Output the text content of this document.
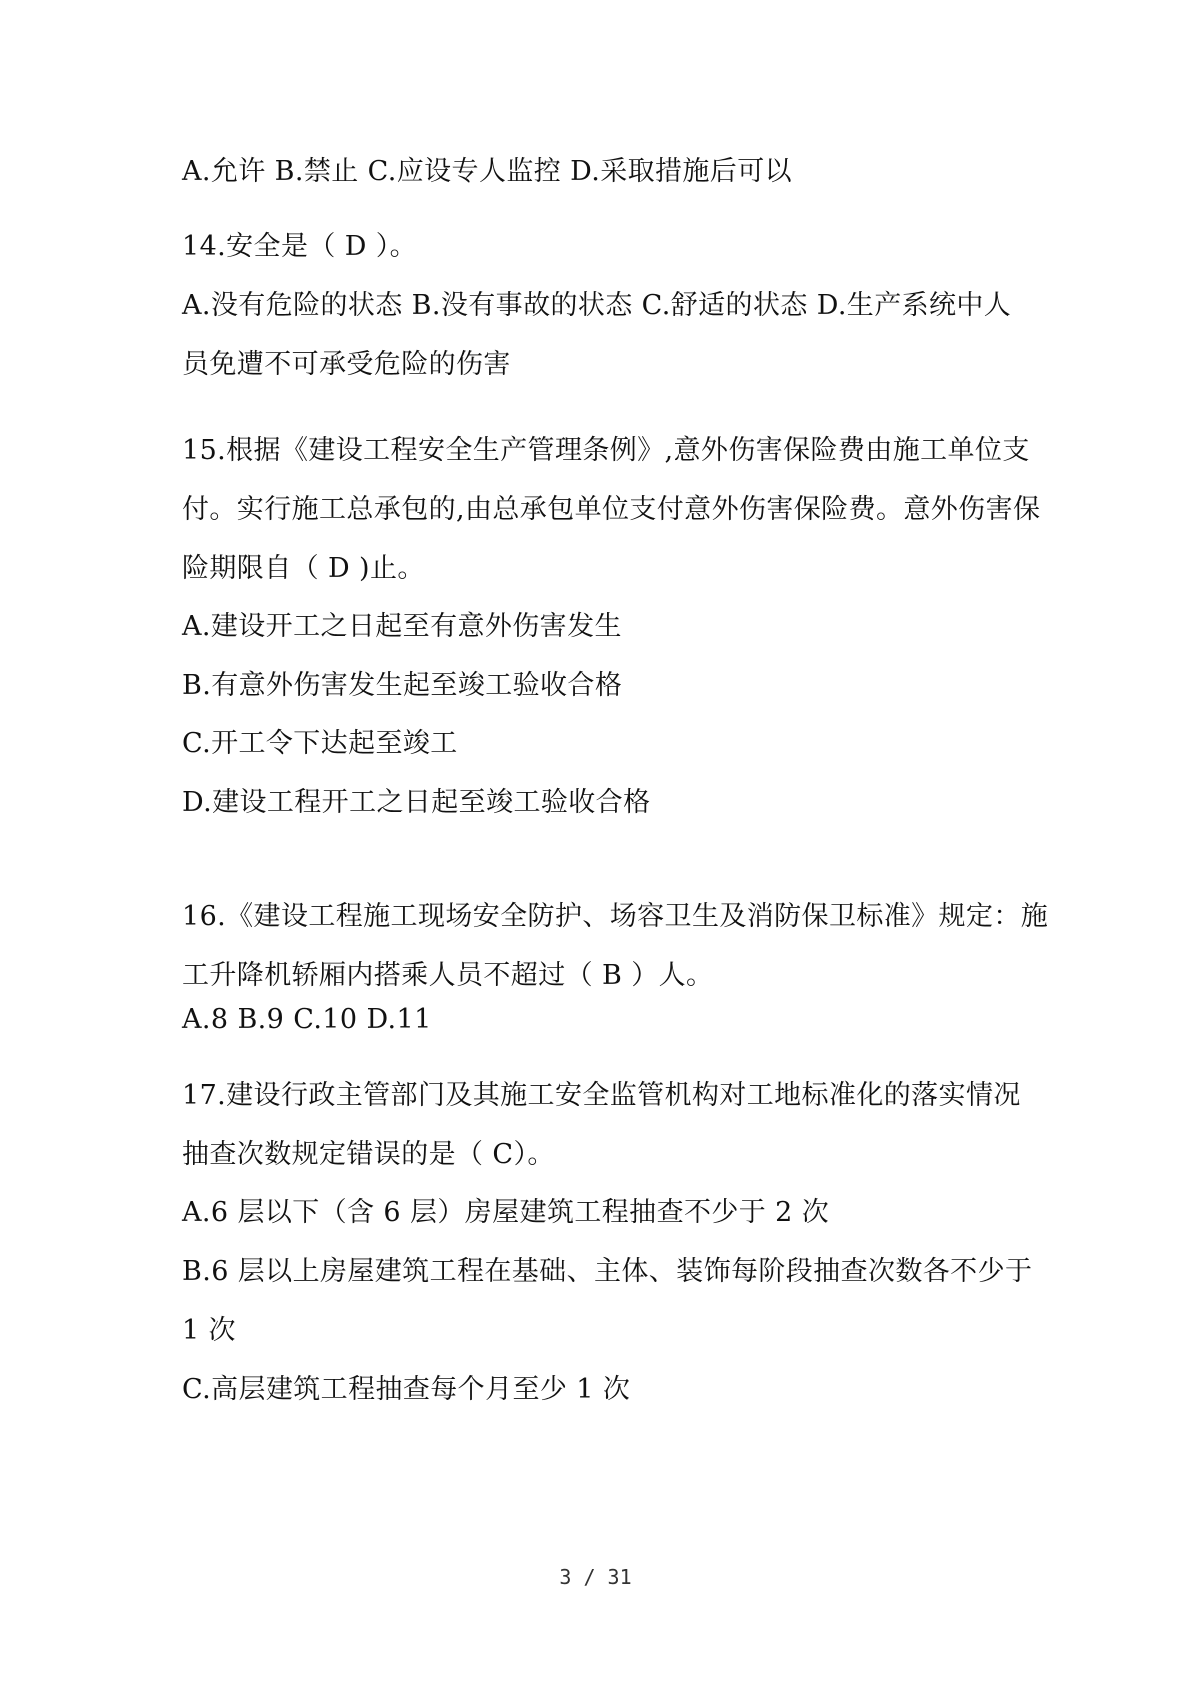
A.允许 B.禁止 C.应设专人监控 D.采取措施后可以
14.安全是（ D ）。
A.没有危险的状态 B.没有事故的状态 C.舒适的状态 D.生产系统中人
员免遭不可承受危险的伤害
15.根据《建设工程安全生产管理条例》,意外伤害保险费由施工单位支
付。实行施工总承包的,由总承包单位支付意外伤害保险费。意外伤害保
险期限自（ D )止。
A.建设开工之日起至有意外伤害发生
B.有意外伤害发生起至竣工验收合格
C.开工令下达起至竣工
D.建设工程开工之日起至竣工验收合格
16.《建设工程施工现场安全防护、场容卫生及消防保卫标准》规定：施
工升降机轿厢内搭乘人员不超过（ B ）人。
A.8 B.9 C.10 D.11
17.建设行政主管部门及其施工安全监管机构对工地标准化的落实情况
抽查次数规定错误的是（ C）。
A.6 层以下（含 6 层）房屋建筑工程抽查不少于 2 次
B.6 层以上房屋建筑工程在基础、主体、装饰每阶段抽查次数各不少于
1 次
C.高层建筑工程抽查每个月至少 1 次
3 / 31
